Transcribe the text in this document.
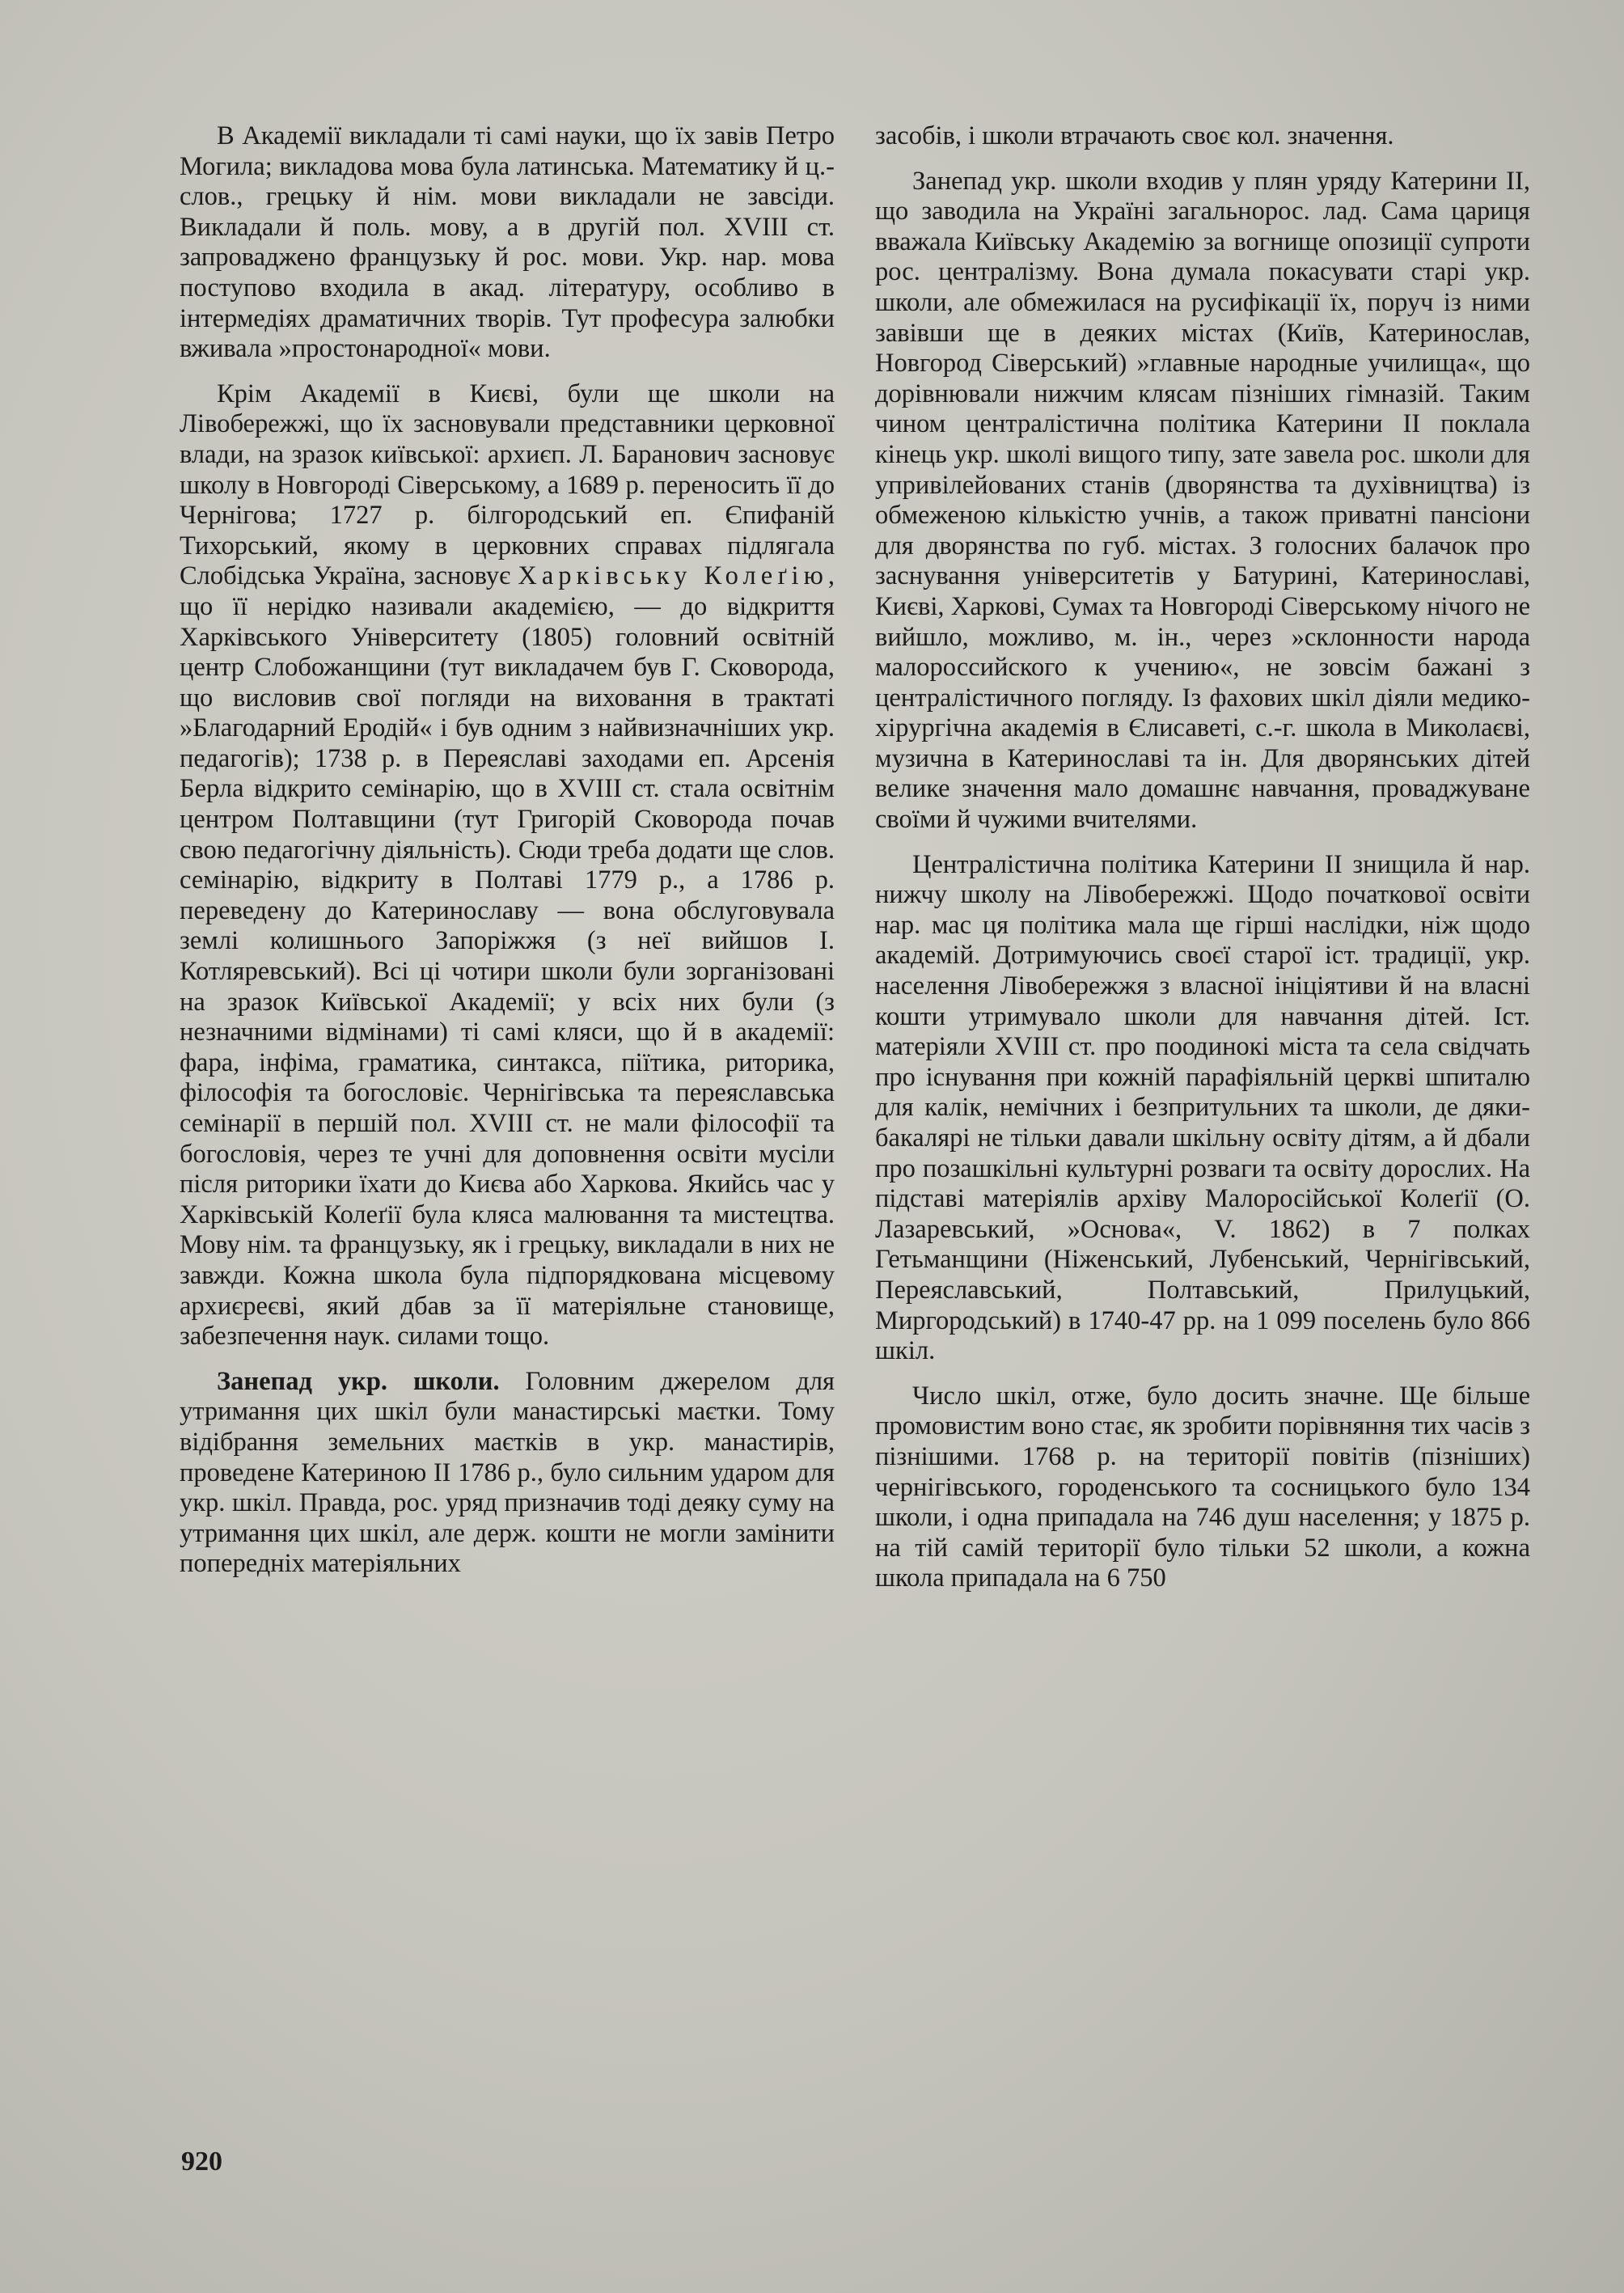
В Академії викладали ті самі науки, що їх завів Петро Могила; викладова мова була латинська. Математику й ц.-слов., грецьку й нім. мови викладали не завсіди. Викладали й поль. мову, а в другій пол. XVIII ст. запроваджено французьку й рос. мови. Укр. нар. мова поступово входила в акад. літературу, особливо в інтермедіях драматичних творів. Тут професура залюбки вживала »простонародної« мови.

Крім Академії в Києві, були ще школи на Лівобережжі, що їх засновували представники церковної влади, на зразок київської: архиєп. Л. Баранович засновує школу в Новгороді Сіверському, а 1689 р. переносить її до Чернігова; 1727 р. білгородський еп. Єпифаній Тихорський, якому в церковних справах підлягала Слобідська Україна, засновує Харківську Колеґію, що її нерідко називали академією, — до відкриття Харківського Університету (1805) головний освітній центр Слобожанщини (тут викладачем був Г. Сковорода, що висловив свої погляди на виховання в трактаті »Благодарний Еродій« і був одним з найвизначніших укр. педагогів); 1738 р. в Переяславі заходами еп. Арсенія Берла відкрито семінарію, що в XVIII ст. стала освітнім центром Полтавщини (тут Григорій Сковорода почав свою педагогічну діяльність). Сюди треба додати ще слов. семінарію, відкриту в Полтаві 1779 р., а 1786 р. переведену до Катеринославу — вона обслуговувала землі колишнього Запоріжжя (з неї вийшов І. Котляревський). Всі ці чотири школи були зорганізовані на зразок Київської Академії; у всіх них були (з незначними відмінами) ті самі кляси, що й в академії: фара, інфіма, граматика, синтакса, піїтика, риторика, філософія та богословіє. Чернігівська та переяславська семінарії в першій пол. XVIII ст. не мали філософії та богословія, через те учні для доповнення освіти мусіли після риторики їхати до Києва або Харкова. Якийсь час у Харківській Колеґії була кляса малювання та мистецтва. Мову нім. та французьку, як і грецьку, викладали в них не завжди. Кожна школа була підпорядкована місцевому архиєреєві, який дбав за її матеріяльне становище, забезпечення наук. силами тощо.

Занепад укр. школи. Головним джерелом для утримання цих шкіл були манастирські маєтки. Тому відібрання земельних маєтків в укр. манастирів, проведене Катериною II 1786 р., було сильним ударом для укр. шкіл. Правда, рос. уряд призначив тоді деяку суму на утримання цих шкіл, але держ. кошти не могли замінити попередніх матеріяльних

засобів, і школи втрачають своє кол. значення.

Занепад укр. школи входив у плян уряду Катерини II, що заводила на Україні загальнорос. лад. Сама цариця вважала Київську Академію за вогнище опозиції супроти рос. централізму. Вона думала покасувати старі укр. школи, але обмежилася на русифікації їх, поруч із ними завівши ще в деяких містах (Київ, Катеринослав, Новгород Сіверський) »главные народные училища«, що дорівнювали нижчим клясам пізніших гімназій. Таким чином централістична політика Катерини II поклала кінець укр. школі вищого типу, зате завела рос. школи для упривілейованих станів (дворянства та духівництва) із обмеженою кількістю учнів, а також приватні пансіони для дворянства по губ. містах. З голосних балачок про заснування університетів у Батурині, Катеринославі, Києві, Харкові, Сумах та Новгороді Сіверському нічого не вийшло, можливо, м. ін., через »склонности народа малороссийского к учению«, не зовсім бажані з централістичного погляду. Із фахових шкіл діяли медико-хірургічна академія в Єлисаветі, с.-г. школа в Миколаєві, музична в Катеринославі та ін. Для дворянських дітей велике значення мало домашнє навчання, проваджуване своїми й чужими вчителями.

Централістична політика Катерини II знищила й нар. нижчу школу на Лівобережжі. Щодо початкової освіти нар. мас ця політика мала ще гірші наслідки, ніж щодо академій. Дотримуючись своєї старої іст. традиції, укр. населення Лівобережжя з власної ініціятиви й на власні кошти утримувало школи для навчання дітей. Іст. матеріяли XVIII ст. про поодинокі міста та села свідчать про існування при кожній парафіяльній церкві шпиталю для калік, немічних і безпритульних та школи, де дяки-бакалярі не тільки давали шкільну освіту дітям, а й дбали про позашкільні культурні розваги та освіту дорослих. На підставі матеріялів архіву Малоросійської Колеґії (О. Лазаревський, »Основа«, V. 1862) в 7 полках Гетьманщини (Ніженський, Лубенський, Чернігівський, Переяславський, Полтавський, Прилуцький, Миргородський) в 1740-47 рр. на 1 099 поселень було 866 шкіл.

Число шкіл, отже, було досить значне. Ще більше промовистим воно стає, як зробити порівняння тих часів з пізнішими. 1768 р. на території повітів (пізніших) чернігівського, городенського та сосницького було 134 школи, і одна припадала на 746 душ населення; у 1875 р. на тій самій території було тільки 52 школи, а кожна школа припадала на 6 750

920
